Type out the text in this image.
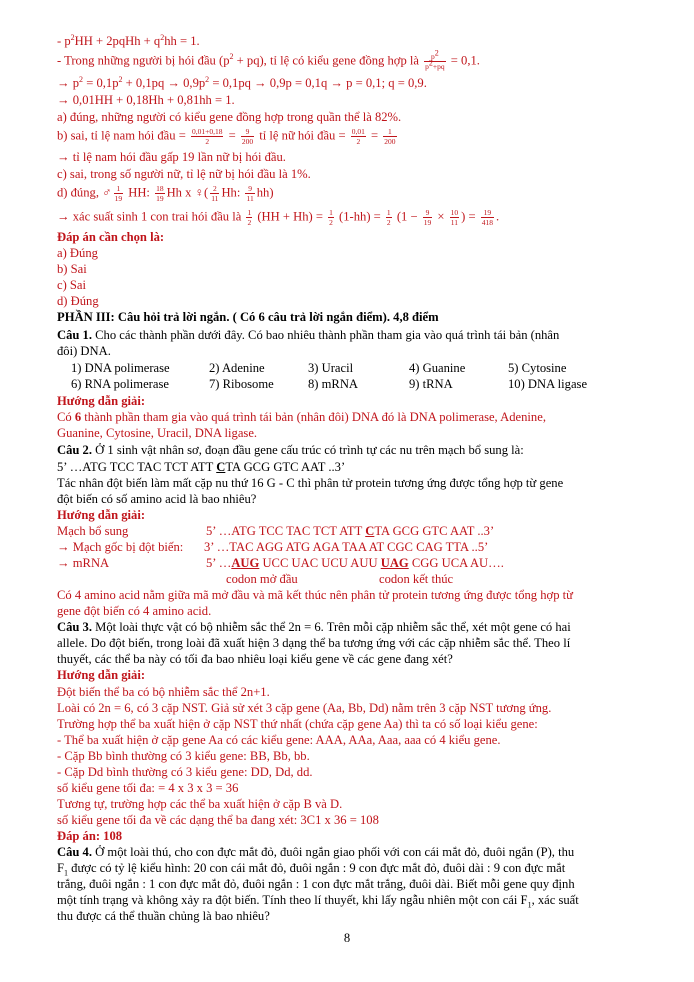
- $p^2HH$ + 2pqHh + $q^2hh = 1$.
- Trong những người bị hói đầu $(p^2 + pq)$, tỉ lệ có kiểu gene đồng hợp là $\frac{p2}{p2+pq} = 0,1$.
→ $p^2 = 0,1p^2 + 0,1pq \to 0,9p^2 = 0,1pq \to 0,9p = 0,1q \to p = 0,1$; q = 0,9.
→ 0,01HH + 0,18Hh + 0,81hh = 1.
a) đúng, những người có kiểu gene đồng hợp trong quần thể là 82%.
b) sai, tỉ lệ nam hói đầu = $\frac{0,01+0,18}{2} = \frac{9}{200}$ tỉ lệ nữ hói đầu = $\frac{0,01}{2} = \frac{1}{200}$
→ tỉ lệ nam hói đầu gấp 19 lần nữ bị hói đầu.
c) sai, trong số người nữ, tỉ lệ nữ bị hói đầu là 1%.
d) đúng, ♂ $\frac{1}{19}$ HH: $\frac{18}{19}$ Hh x ♀( $\frac{2}{11} Hh$: $\frac{9}{11} hh$)
→ xác suất sinh 1 con trai hói đầu là $\frac{1}{2} (HH + Hh) = \frac{1}{2} (1-hh) = \frac{1}{2} (1 - \frac{9}{19} \times \frac{10}{11}$ ) = $\frac{19}{418}$ .
Đáp án cần chọn là:
a) Đúng
b) Sai
c) Sai
d) Đúng
PHẦN III: Câu hỏi trả lời ngắn. ( Có 6 câu trả lời ngắn điểm). 4,8 điểm
Câu 1. Cho các thành phần dưới đây. Có bao nhiêu thành phần tham gia vào quá trình tái bản (nhân
đôi) DNA.
1) DNA polimerase	2) Adenine	3) Uracil	4) Guanine	5) Cytosine
6) RNA polimerase	7) Ribosome	8) mRNA	9) tRNA	10) DNA ligase
Hướng dẫn giải:
Có 6 thành phần tham gia vào quá trình tái bản (nhân đôi) DNA đó là DNA polimerase, Adenine,
Guanine, Cytosine, Uracil, DNA ligase.
Câu 2. Ở 1 sinh vật nhân sơ, đoạn đầu gene cấu trúc có trình tự các nu trên mạch bổ sung là:
5’ …ATG TCC TAC TCT ATT CTA GCG GTC AAT ..3’
Tác nhân đột biến làm mất cặp nu thứ 16 G - C thì phân tử protein tương ứng được tổng hợp từ gene
đột biến có số amino acid là bao nhiêu?
Hướng dẫn giải:
Mạch bổ sung	5’ …ATG TCC TAC TCT ATT CTA GCG GTC AAT ..3’
→ Mạch gốc bị đột biến: 3’ …TAC AGG ATG AGA TAA AT CGC CAG TTA ..5’
→ mRNA	5’ …AUG UCC UAC UCU AUU UAG CGG UCA AU….
codon mở đầu	codon kết thúc
Có 4 amino acid nằm giữa mã mở đầu và mã kết thúc nên phân tử protein tương ứng được tổng hợp từ
gene đột biến có 4 amino acid.
Câu 3. Một loài thực vật có bộ nhiễm sắc thể 2n = 6. Trên mỗi cặp nhiễm sắc thể, xét một gene có hai
allele. Do đột biến, trong loài đã xuất hiện 3 dạng thể ba tương ứng với các cặp nhiễm sắc thể. Theo lí
thuyết, các thể ba này có tối đa bao nhiêu loại kiểu gene về các gene đang xét?
Hướng dẫn giải:
Đột biến thể ba có bộ nhiễm sắc thể 2n+1.
Loài có 2n = 6, có 3 cặp NST. Giả sử xét 3 cặp gene (Aa, Bb, Dd) nằm trên 3 cặp NST tương ứng.
Trường hợp thể ba xuất hiện ở cặp NST thứ nhất (chứa cặp gene Aa) thì ta có số loại kiểu gene:
- Thể ba xuất hiện ở cặp gene Aa có các kiểu gene: AAA, AAa, Aaa, aaa có 4 kiểu gene.
- Cặp Bb bình thường có 3 kiểu gene: BB, Bb, bb.
- Cặp Dd bình thường có 3 kiểu gene: DD, Dd, dd.
số kiểu gene tối đa: = 4 x 3 x 3 = 36
Tương tự, trường hợp các thể ba xuất hiện ở cặp B và D.
số kiểu gene tối đa về các dạng thể ba đang xét: 3C1 x 36 = 108
Đáp án: 108
Câu 4. Ở một loài thú, cho con đực mắt đỏ, đuôi ngắn giao phối với con cái mắt đỏ, đuôi ngắn (P), thu
$F_1$ được có tỷ lệ kiểu hình: 20 con cái mắt đỏ, đuôi ngắn : 9 con đực mắt đỏ, đuôi dài : 9 con đực mắt
trắng, đuôi ngắn : 1 con đực mắt đỏ, đuôi ngắn : 1 con đực mắt trắng, đuôi dài. Biết mỗi gene quy định
một tính trạng và không xảy ra đột biến. Tính theo lí thuyết, khi lấy ngẫu nhiên một con cái $F_1$, xác suất
thu được cá thể thuần chủng là bao nhiêu?
8
